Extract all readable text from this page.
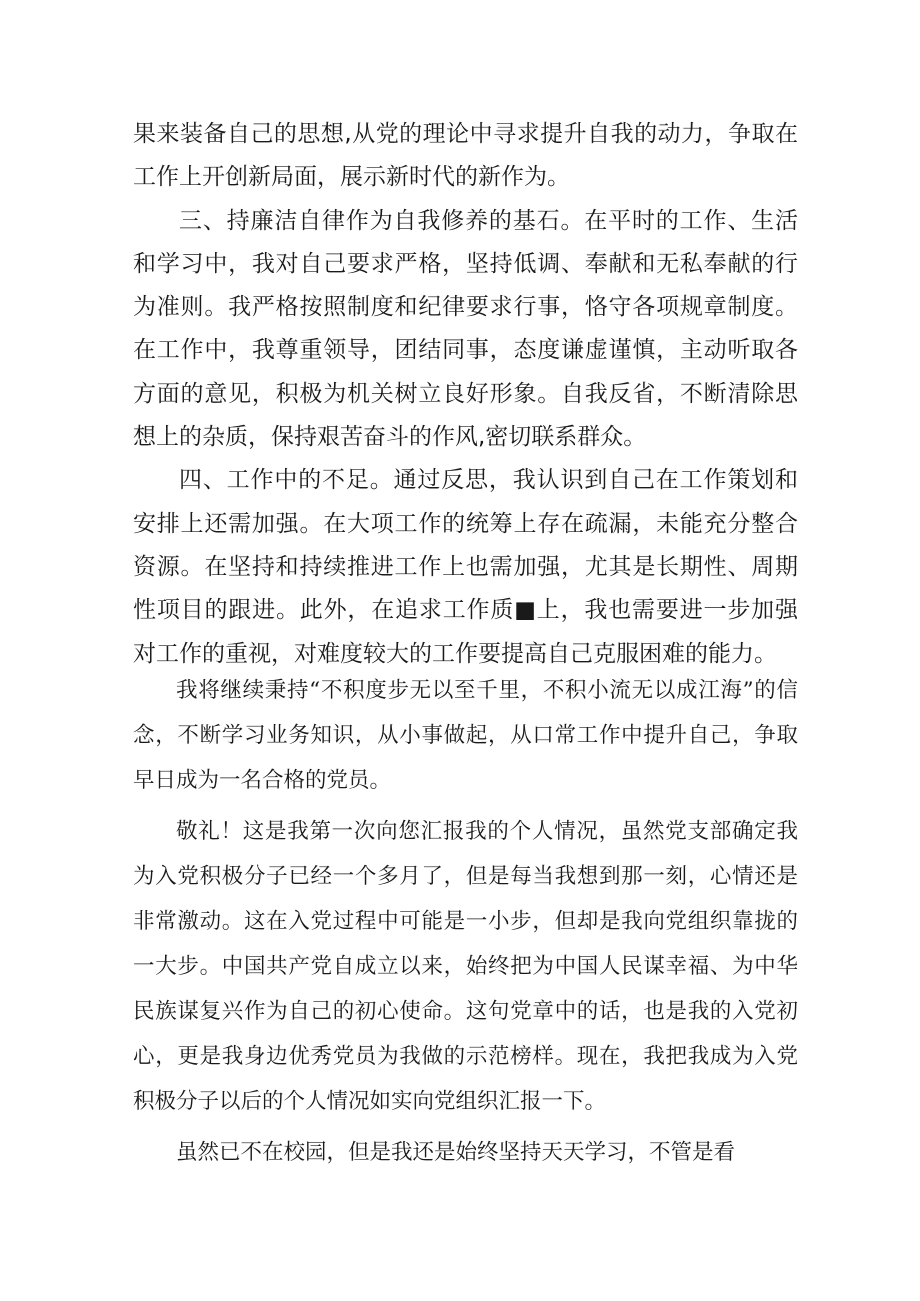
果来装备自己的思想,从党的理论中寻求提升自我的动力，争取在工作上开创新局面，展示新时代的新作为。

三、持廉洁自律作为自我修养的基石。在平时的工作、生活和学习中，我对自己要求严格，坚持低调、奉献和无私奉献的行为准则。我严格按照制度和纪律要求行事，恪守各项规章制度。在工作中，我尊重领导，团结同事，态度谦虚谨慎，主动听取各方面的意见，积极为机关树立良好形象。自我反省，不断清除思想上的杂质，保持艰苦奋斗的作风,密切联系群众。

四、工作中的不足。通过反思，我认识到自己在工作策划和安排上还需加强。在大项工作的统筹上存在疏漏，未能充分整合资源。在坚持和持续推进工作上也需加强，尤其是长期性、周期性项目的跟进。此外，在追求工作质■上，我也需要进一步加强对工作的重视，对难度较大的工作要提高自己克服困难的能力。

我将继续秉持“不积度步无以至千里，不积小流无以成江海”的信念，不断学习业务知识，从小事做起，从口常工作中提升自己，争取早日成为一名合格的党员。

敬礼！这是我第一次向您汇报我的个人情况，虽然党支部确定我为入党积极分子已经一个多月了，但是每当我想到那一刻，心情还是非常激动。这在入党过程中可能是一小步，但却是我向党组织靠拢的一大步。中国共产党自成立以来，始终把为中国人民谋幸福、为中华民族谋复兴作为自己的初心使命。这句党章中的话，也是我的入党初心，更是我身边优秀党员为我做的示范榜样。现在，我把我成为入党积极分子以后的个人情况如实向党组织汇报一下。

虽然已不在校园，但是我还是始终坚持天天学习，不管是看
